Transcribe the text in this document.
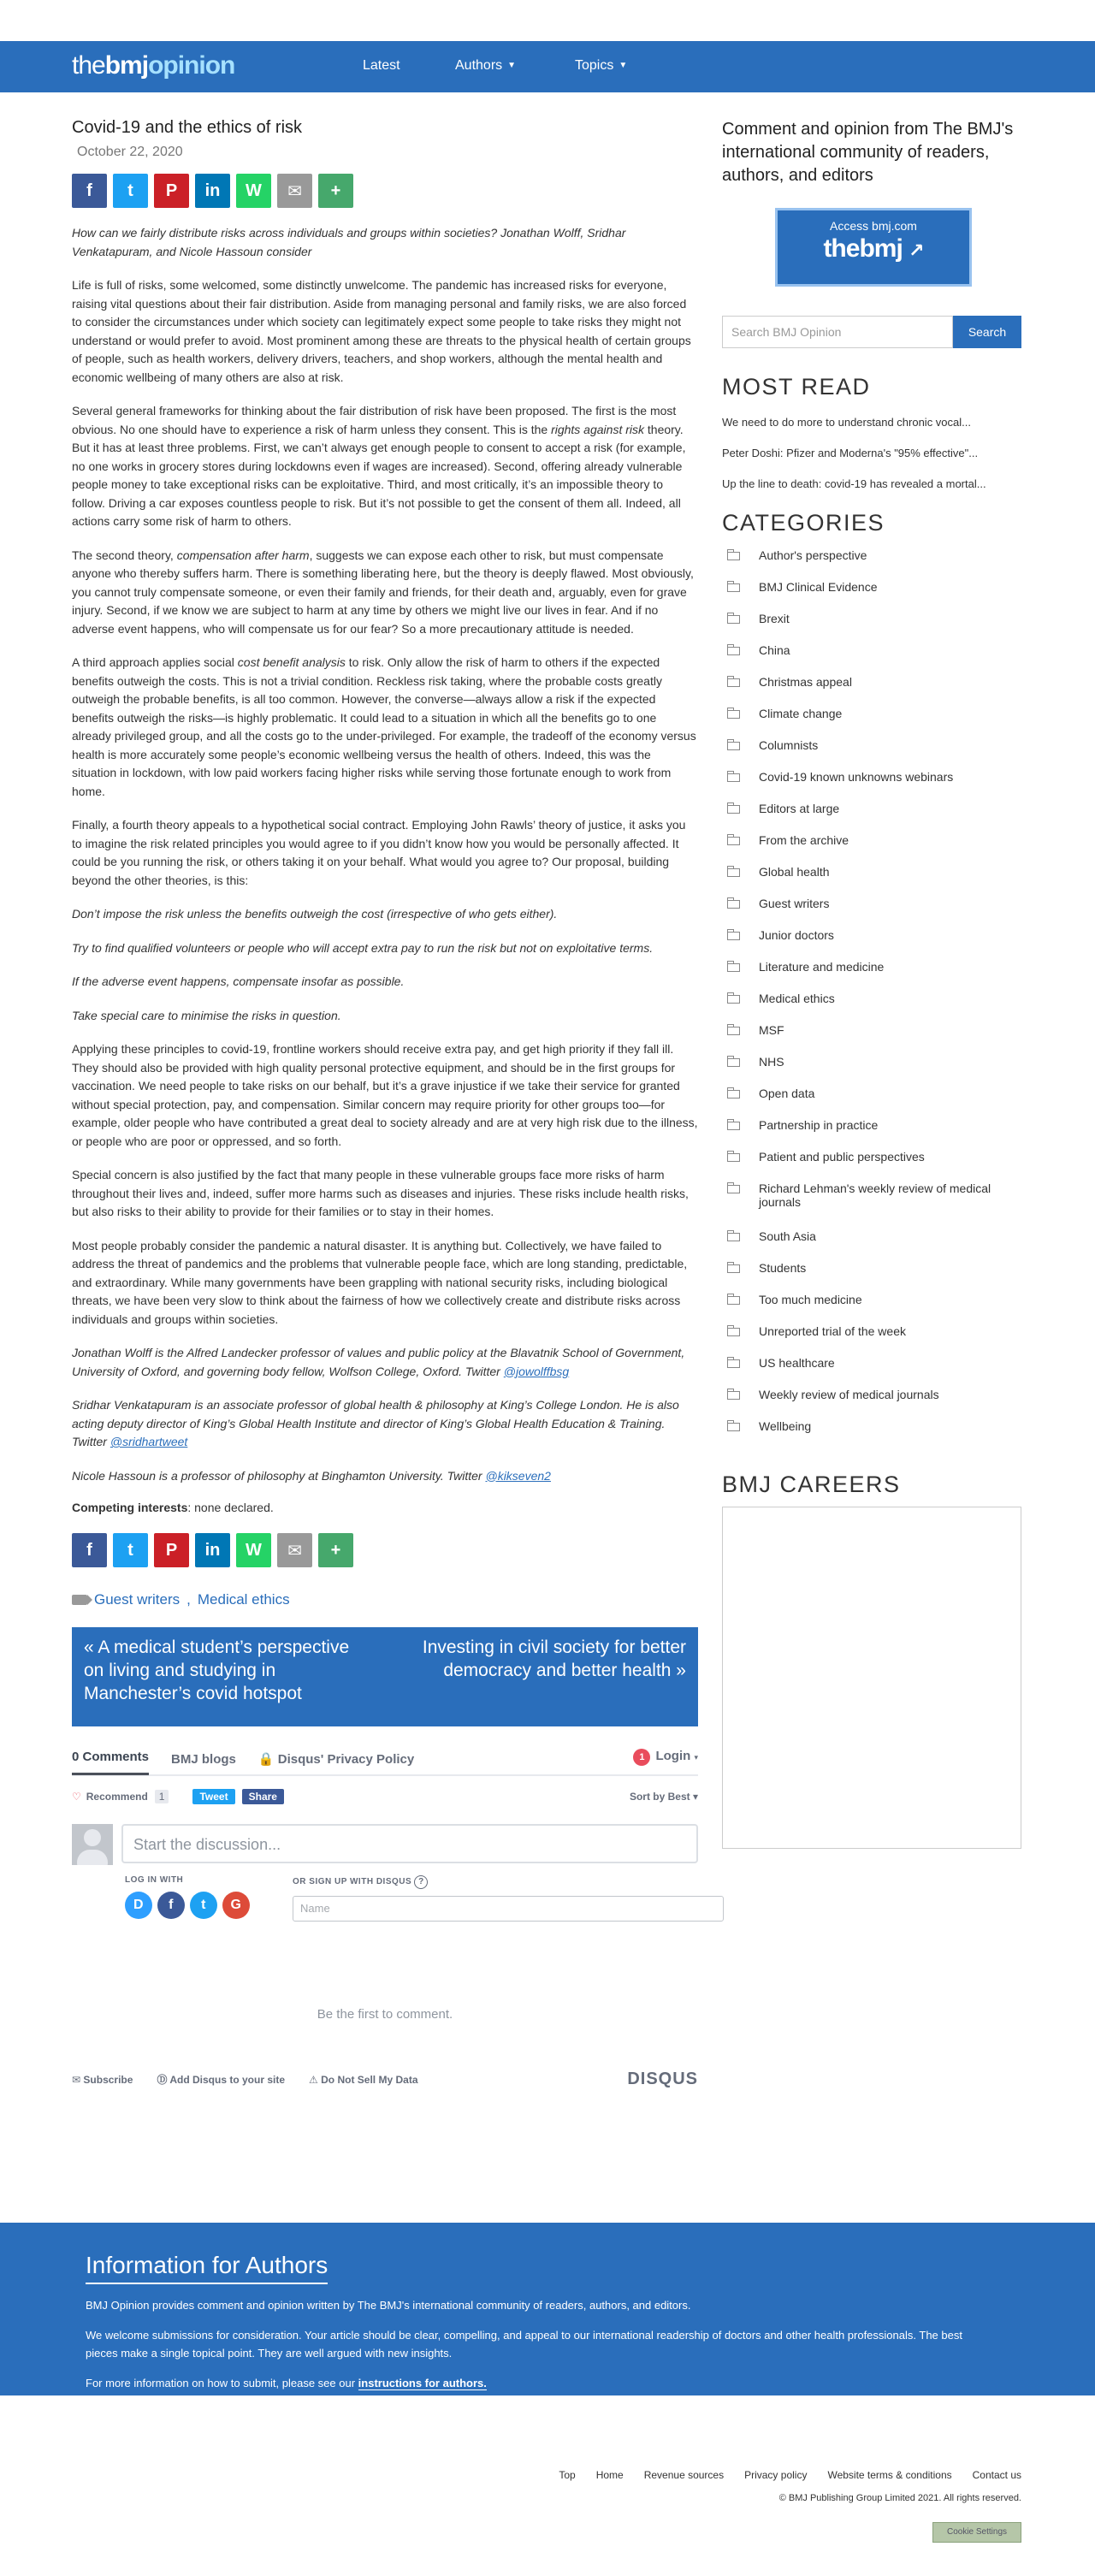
thebmjopinion	Latest	Authors ▼	Topics ▼
Covid-19 and the ethics of risk
October 22, 2020
f	t	P	in	W	✉	+

How can we fairly distribute risks across individuals and groups within societies? Jonathan Wolff, Sridhar Venkatapuram, and Nicole Hassoun consider

Life is full of risks, some welcomed, some distinctly unwelcome. The pandemic has increased risks for everyone, raising vital questions about their fair distribution. Aside from managing personal and family risks, we are also forced to consider the circumstances under which society can legitimately expect some people to take risks they might not understand or would prefer to avoid. Most prominent among these are threats to the physical health of certain groups of people, such as health workers, delivery drivers, teachers, and shop workers, although the mental health and economic wellbeing of many others are also at risk.

Several general frameworks for thinking about the fair distribution of risk have been proposed. The first is the most obvious. No one should have to experience a risk of harm unless they consent. This is the rights against risk theory. But it has at least three problems. First, we can’t always get enough people to consent to accept a risk (for example, no one works in grocery stores during lockdowns even if wages are increased). Second, offering already vulnerable people money to take exceptional risks can be exploitative. Third, and most critically, it’s an impossible theory to follow. Driving a car exposes countless people to risk. But it’s not possible to get the consent of them all. Indeed, all actions carry some risk of harm to others.

The second theory, compensation after harm, suggests we can expose each other to risk, but must compensate anyone who thereby suffers harm. There is something liberating here, but the theory is deeply flawed. Most obviously, you cannot truly compensate someone, or even their family and friends, for their death and, arguably, even for grave injury. Second, if we know we are subject to harm at any time by others we might live our lives in fear. And if no adverse event happens, who will compensate us for our fear? So a more precautionary attitude is needed.

A third approach applies social cost benefit analysis to risk. Only allow the risk of harm to others if the expected benefits outweigh the costs. This is not a trivial condition. Reckless risk taking, where the probable costs greatly outweigh the probable benefits, is all too common. However, the converse—always allow a risk if the expected benefits outweigh the risks—is highly problematic. It could lead to a situation in which all the benefits go to one already privileged group, and all the costs go to the under-privileged. For example, the tradeoff of the economy versus health is more accurately some people’s economic wellbeing versus the health of others. Indeed, this was the situation in lockdown, with low paid workers facing higher risks while serving those fortunate enough to work from home.

Finally, a fourth theory appeals to a hypothetical social contract. Employing John Rawls’ theory of justice, it asks you to imagine the risk related principles you would agree to if you didn’t know how you would be personally affected. It could be you running the risk, or others taking it on your behalf. What would you agree to? Our proposal, building beyond the other theories, is this:

Don’t impose the risk unless the benefits outweigh the cost (irrespective of who gets either).

Try to find qualified volunteers or people who will accept extra pay to run the risk but not on exploitative terms.

If the adverse event happens, compensate insofar as possible.

Take special care to minimise the risks in question.

Applying these principles to covid-19, frontline workers should receive extra pay, and get high priority if they fall ill. They should also be provided with high quality personal protective equipment, and should be in the first groups for vaccination. We need people to take risks on our behalf, but it’s a grave injustice if we take their service for granted without special protection, pay, and compensation. Similar concern may require priority for other groups too—for example, older people who have contributed a great deal to society already and are at very high risk due to the illness, or people who are poor or oppressed, and so forth.

Special concern is also justified by the fact that many people in these vulnerable groups face more risks of harm throughout their lives and, indeed, suffer more harms such as diseases and injuries. These risks include health risks, but also risks to their ability to provide for their families or to stay in their homes.

Most people probably consider the pandemic a natural disaster. It is anything but. Collectively, we have failed to address the threat of pandemics and the problems that vulnerable people face, which are long standing, predictable, and extraordinary. While many governments have been grappling with national security risks, including biological threats, we have been very slow to think about the fairness of how we collectively create and distribute risks across individuals and groups within societies.

Jonathan Wolff is the Alfred Landecker professor of values and public policy at the Blavatnik School of Government, University of Oxford, and governing body fellow, Wolfson College, Oxford. Twitter @jowolffbsg

Sridhar Venkatapuram is an associate professor of global health & philosophy at King’s College London. He is also acting deputy director of King’s Global Health Institute and director of King’s Global Health Education & Training. Twitter @sridhartweet

Nicole Hassoun is a professor of philosophy at Binghamton University. Twitter @kikseven2

Competing interests: none declared.
f	t	P	in	W	✉	+
Guest writers , Medical ethics
« A medical student’s perspective on living and studying in Manchester’s covid hotspot
Investing in civil society for better democracy and better health »
0 Comments BMJ blogs 🔒 Disqus' Privacy Policy	1 Login ▾
♡ Recommend	1	Tweet	Share	Sort by Best ▾
Start the discussion...
LOG IN WITH
D	f	t	G
OR SIGN UP WITH DISQUS ?
Name
Be the first to comment.
✉ Subscribe Ⓓ Add Disqus to your site ⚠ Do Not Sell My Data	DISQUS
Comment and opinion from The BMJ's international community of readers, authors, and editors
Access bmj.com
thebmj ↗
Search BMJ Opinion	Search
MOST READ
We need to do more to understand chronic vocal...
Peter Doshi: Pfizer and Moderna's "95% effective"...
Up the line to death: covid-19 has revealed a mortal...
CATEGORIES
Author's perspective
BMJ Clinical Evidence
Brexit
China
Christmas appeal
Climate change
Columnists
Covid-19 known unknowns webinars
Editors at large
From the archive
Global health
Guest writers
Junior doctors
Literature and medicine
Medical ethics
MSF
NHS
Open data
Partnership in practice
Patient and public perspectives
Richard Lehman's weekly review of medical journals
South Asia
Students
Too much medicine
Unreported trial of the week
US healthcare
Weekly review of medical journals
Wellbeing
BMJ CAREERS
Information for Authors

BMJ Opinion provides comment and opinion written by The BMJ's international community of readers, authors, and editors.

We welcome submissions for consideration. Your article should be clear, compelling, and appeal to our international readership of doctors and other health professionals. The best pieces make a single topical point. They are well argued with new insights.

For more information on how to submit, please see our instructions for authors.

Top Home Revenue sources Privacy policy Website terms & conditions Contact us
© BMJ Publishing Group Limited 2021. All rights reserved.
Cookie Settings
